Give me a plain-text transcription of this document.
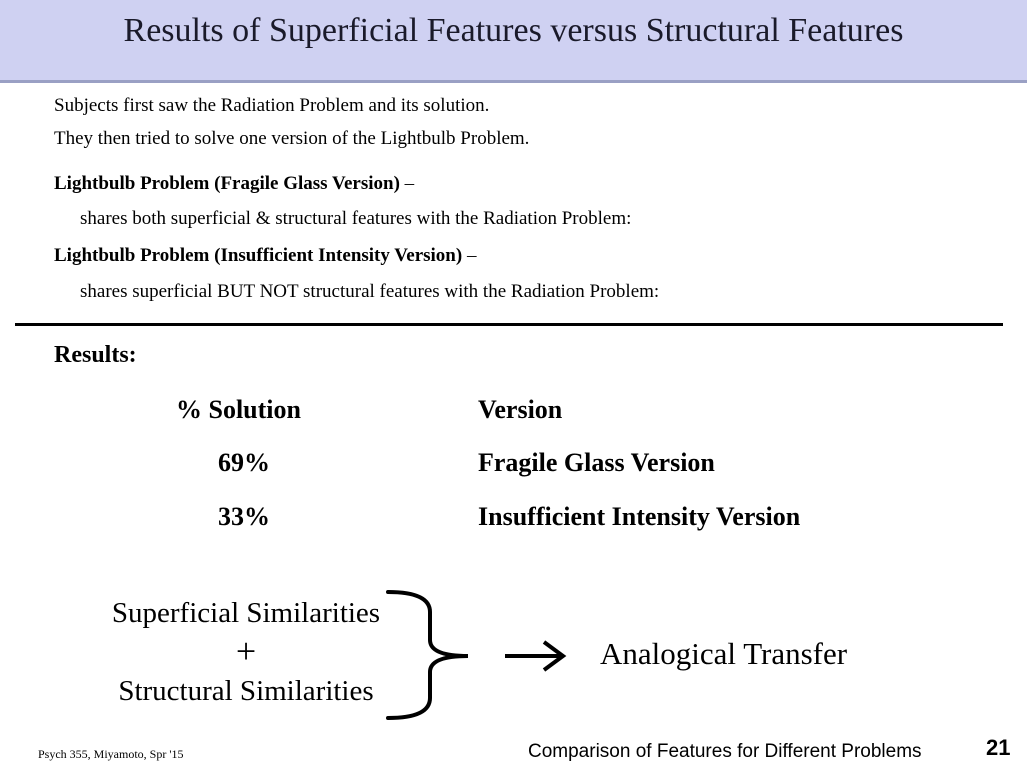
Results of Superficial Features versus Structural Features
Subjects first saw the Radiation Problem and its solution.
They then tried to solve one version of the Lightbulb Problem.
Lightbulb Problem (Fragile Glass Version) –
shares both superficial & structural features with the Radiation Problem:
Lightbulb Problem (Insufficient Intensity Version) –
shares superficial BUT NOT structural features with the Radiation Problem:
Results:
% Solution	Version
69%	Fragile Glass Version
33%	Insufficient Intensity Version
Superficial Similarities
+
Structural Similarities
Analogical Transfer
Psych 355, Miyamoto, Spr '15	Comparison of Features for Different Problems	21
